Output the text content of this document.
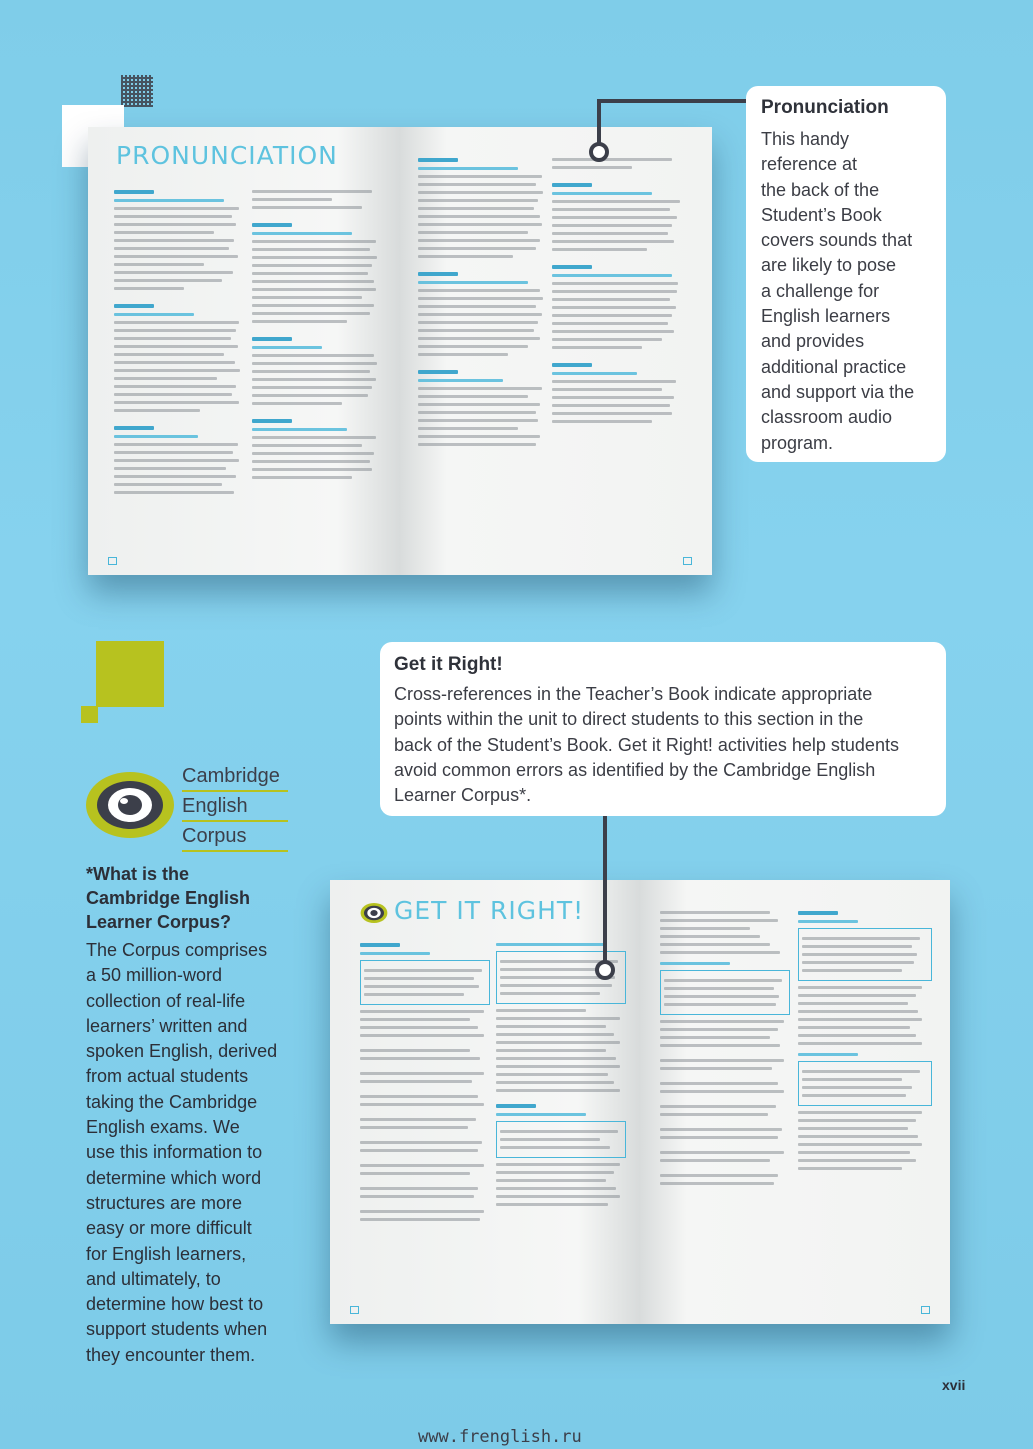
PRONUNCIATION

Pronunciation
This handy
reference at
the back of the
Student’s Book
covers sounds that
are likely to pose
a challenge for
English learners
and provides
additional practice
and support via the
classroom audio
program.
Get it Right!
Cross-references in the Teacher’s Book indicate appropriate
points within the unit to direct students to this section in the
back of the Student’s Book. Get it Right! activities help students
avoid common errors as identified by the Cambridge English
Learner Corpus*.
Cambridge
English
Corpus
*What is the
Cambridge English
Learner Corpus?
The Corpus comprises
a 50 million-word
collection of real-life
learners’ written and
spoken English, derived
from actual students
taking the Cambridge
English exams. We
use this information to
determine which word
structures are more
easy or more difficult
for English learners,
and ultimately, to
determine how best to
support students when
they encounter them.
GET IT RIGHT!

xvii
www.frenglish.ru
